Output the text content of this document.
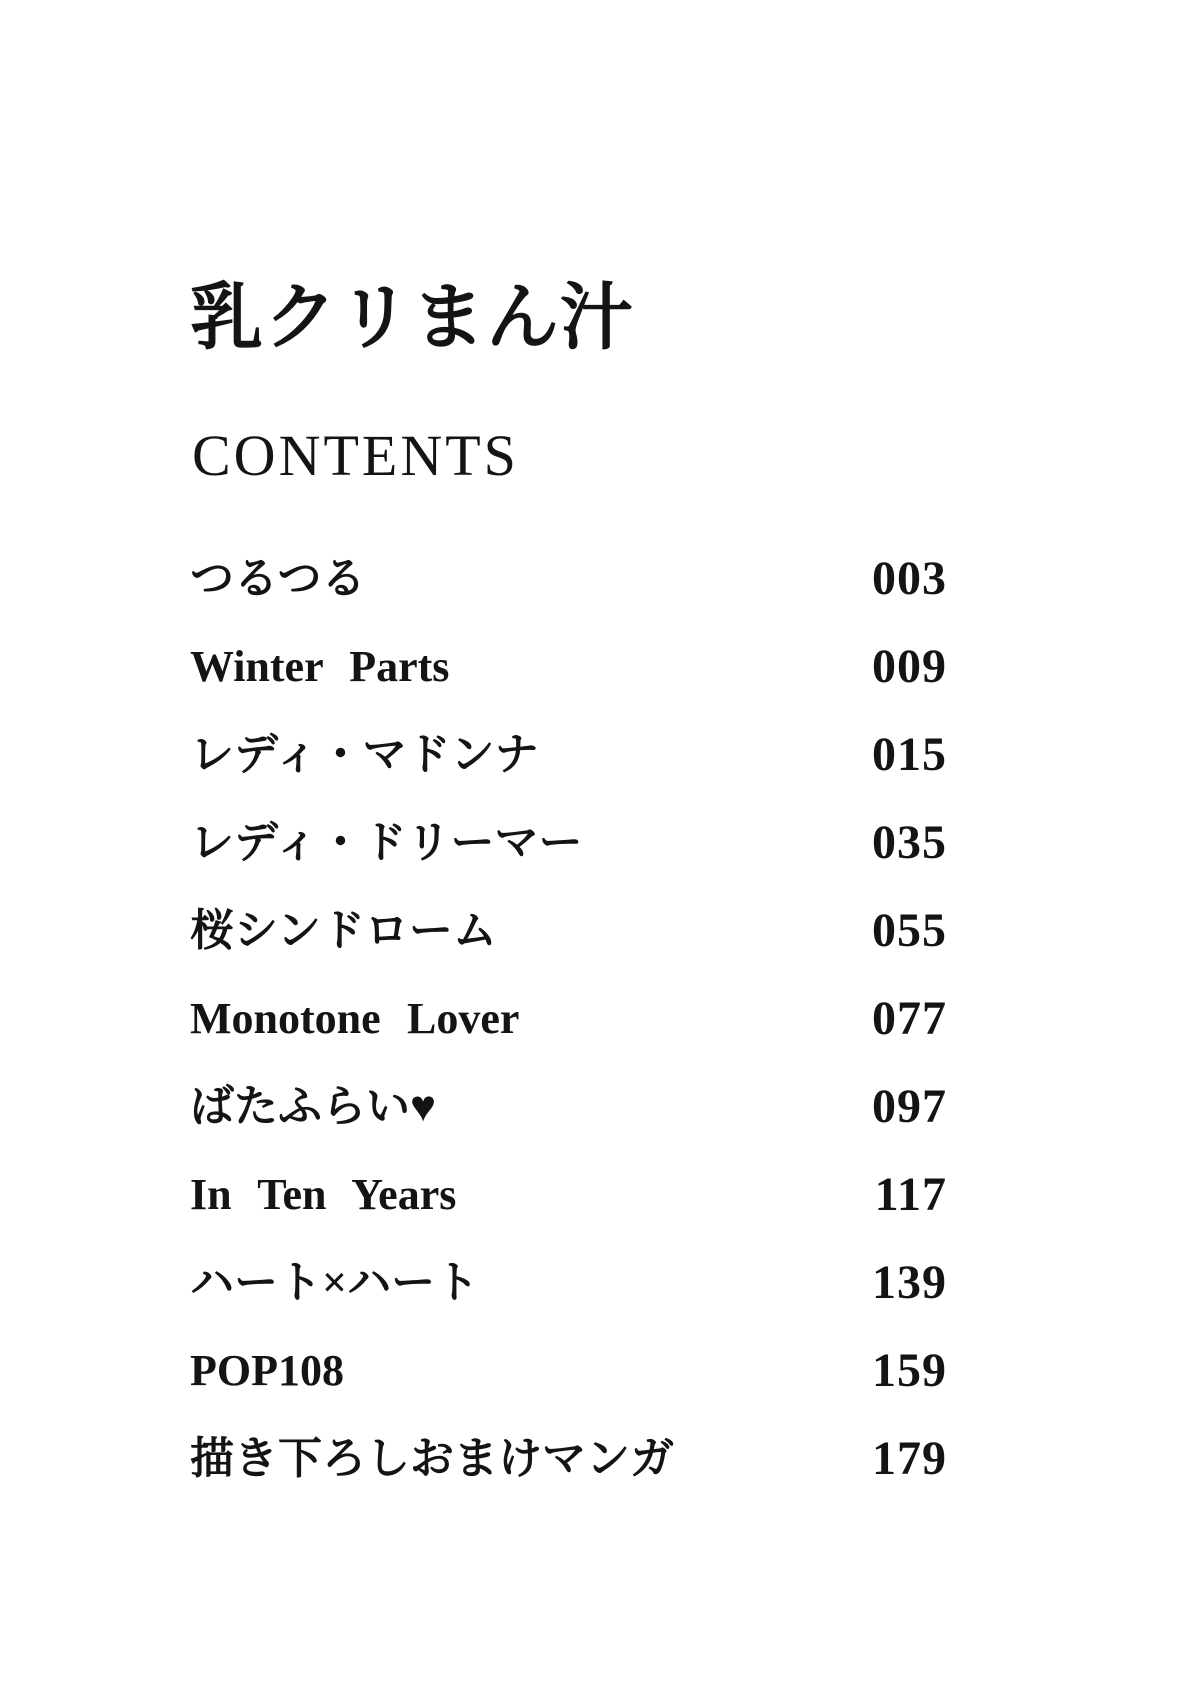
乳クリまん汁
CONTENTS
つるつる	003
Winter Parts	009
レディ・マドンナ	015
レディ・ドリーマー	035
桜シンドローム	055
Monotone Lover	077
ばたふらい♥	097
In Ten Years	117
ハート×ハート	139
POP108	159
描き下ろしおまけマンガ	179
